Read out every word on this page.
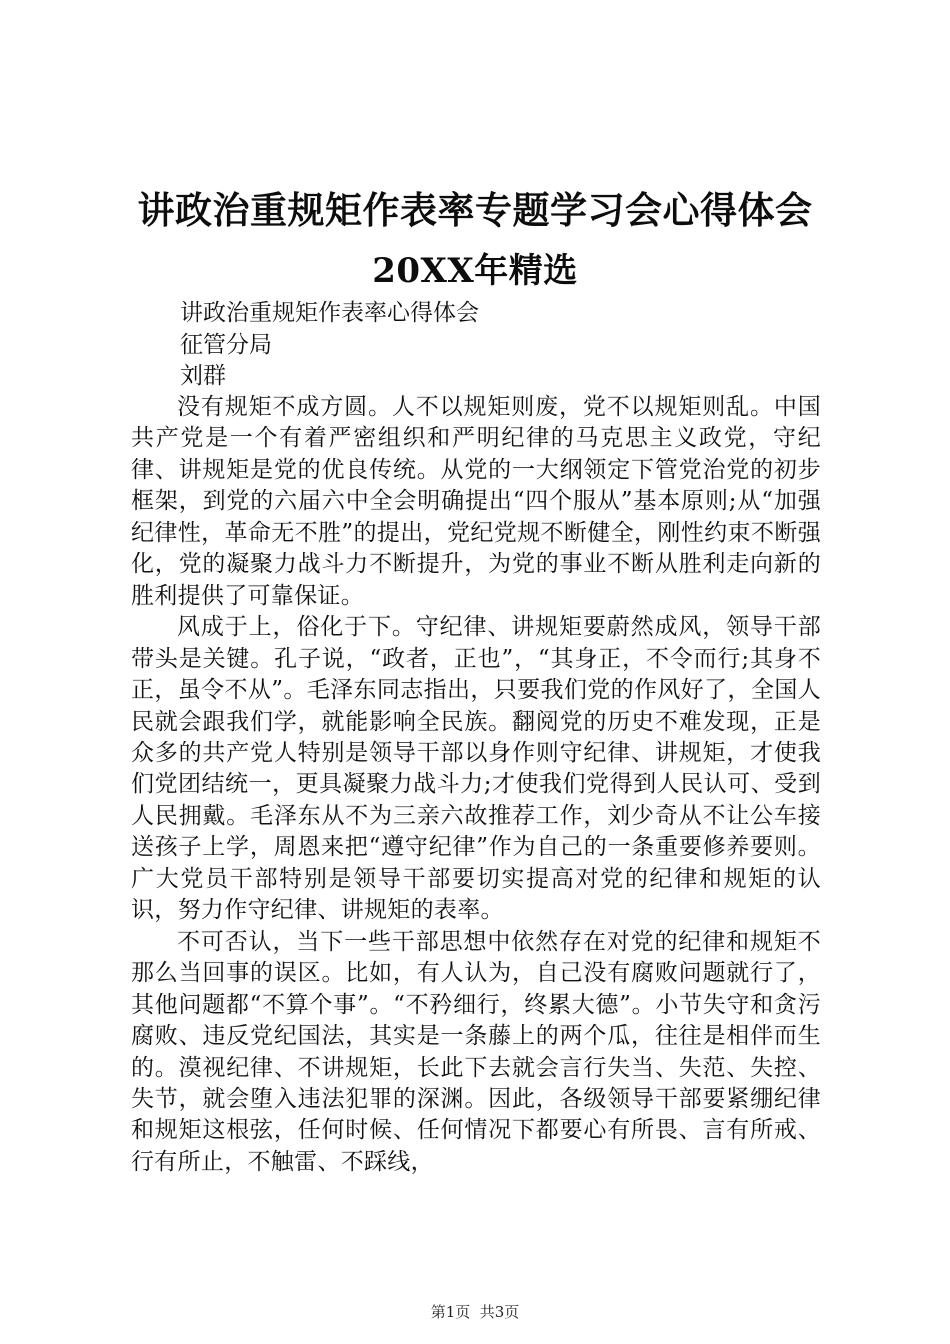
讲政治重规矩作表率专题学习会心得体会
20XX年精选
讲政治重规矩作表率心得体会
征管分局
刘群

没有规矩不成方圆。人不以规矩则废，党不以规矩则乱。中国共产党是一个有着严密组织和严明纪律的马克思主义政党，守纪律、讲规矩是党的优良传统。从党的一大纲领定下管党治党的初步框架，到党的六届六中全会明确提出“四个服从”基本原则;从“加强纪律性，革命无不胜”的提出，党纪党规不断健全，刚性约束不断强化，党的凝聚力战斗力不断提升，为党的事业不断从胜利走向新的胜利提供了可靠保证。

风成于上，俗化于下。守纪律、讲规矩要蔚然成风，领导干部带头是关键。孔子说，“政者，正也”，“其身正，不令而行;其身不正，虽令不从”。毛泽东同志指出，只要我们党的作风好了，全国人民就会跟我们学，就能影响全民族。翻阅党的历史不难发现，正是众多的共产党人特别是领导干部以身作则守纪律、讲规矩，才使我们党团结统一，更具凝聚力战斗力;才使我们党得到人民认可、受到人民拥戴。毛泽东从不为三亲六故推荐工作，刘少奇从不让公车接送孩子上学，周恩来把“遵守纪律”作为自己的一条重要修养要则。广大党员干部特别是领导干部要切实提高对党的纪律和规矩的认识，努力作守纪律、讲规矩的表率。

不可否认，当下一些干部思想中依然存在对党的纪律和规矩不那么当回事的误区。比如，有人认为，自己没有腐败问题就行了，其他问题都“不算个事”。“不矜细行，终累大德”。小节失守和贪污腐败、违反党纪国法，其实是一条藤上的两个瓜，往往是相伴而生的。漠视纪律、不讲规矩，长此下去就会言行失当、失范、失控、失节，就会堕入违法犯罪的深渊。因此，各级领导干部要紧绷纪律和规矩这根弦，任何时候、任何情况下都要心有所畏、言有所戒、行有所止，不触雷、不踩线，

第1页  共3页
